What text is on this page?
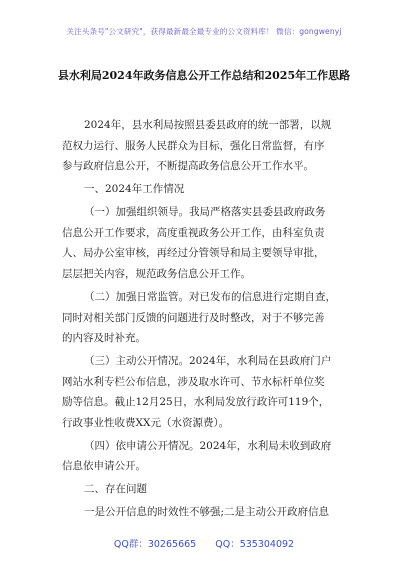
关注头条号"公文研究"，获得最新最全最专业的公文资料库！ 微信：gongwenyj
县水利局2024年政务信息公开工作总结和2025年工作思路
2024年，县水利局按照县委县政府的统一部署，以规
范权力运行、服务人民群众为目标，强化日常监督，有序
参与政府信息公开，不断提高政务信息公开工作水平。
一、2024年工作情况
（一）加强组织领导。我局严格落实县委县政府政务
信息公开工作要求，高度重视政务公开工作，由科室负责
人、局办公室审核，再经过分管领导和局主要领导审批，
层层把关内容，规范政务信息公开工作。
（二）加强日常监管。对已发布的信息进行定期自查，
同时对相关部门反馈的问题进行及时整改，对于不够完善
的内容及时补充。
（三）主动公开情况。2024年，水利局在县政府门户
网站水利专栏公布信息，涉及取水许可、节水标杆单位奖
励等信息。截止12月25日，水利局发放行政许可119个，
行政事业性收费XX元（水资源费）。
（四）依申请公开情况。2024年，水利局未收到政府
信息依申请公开。
二、存在问题
一是公开信息的时效性不够强;二是主动公开政府信息
QQ群：30265665 QQ：535304092
